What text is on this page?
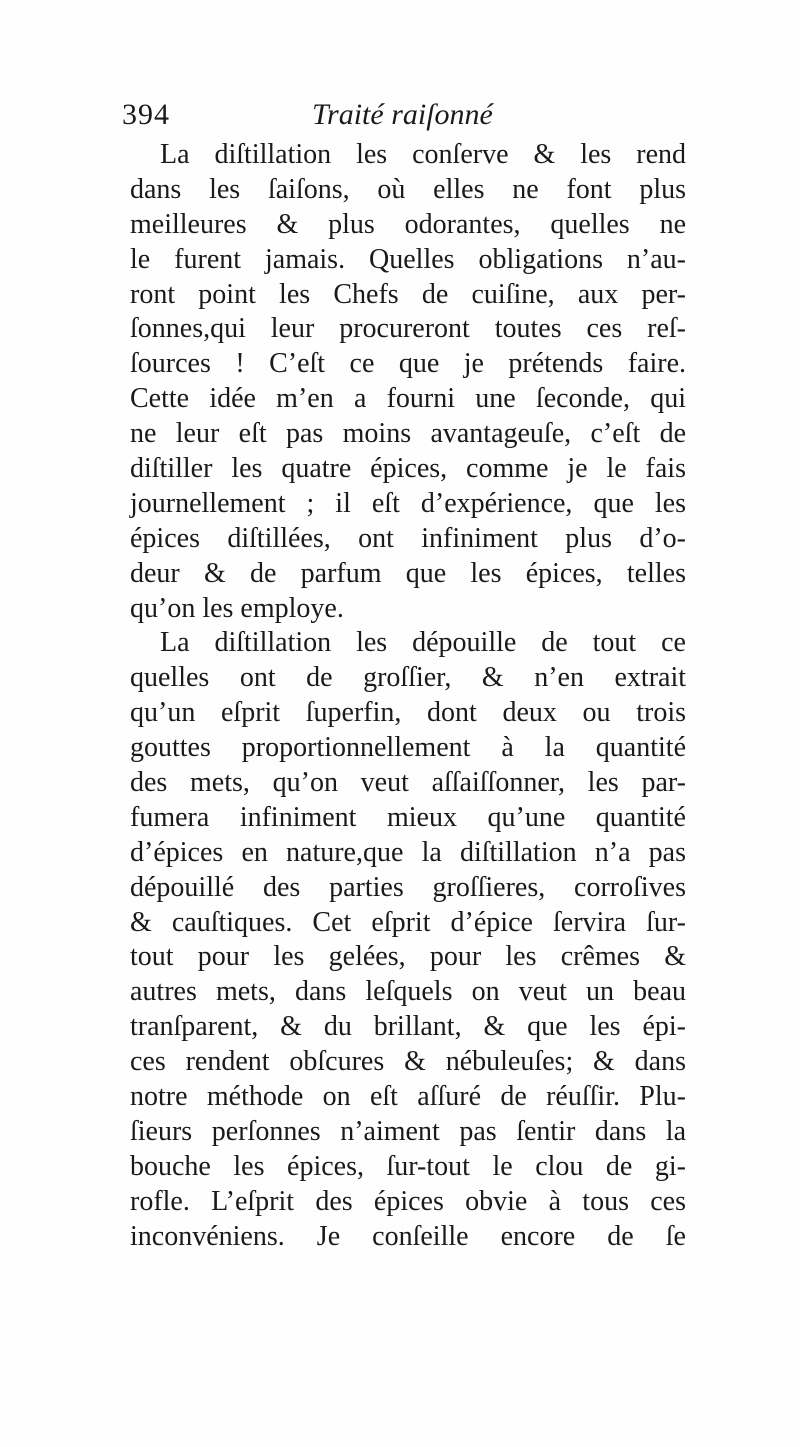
394	Traité raiſonné
La diſtillation les conſerve & les rend
dans les ſaiſons, où elles ne font plus
meilleures & plus odorantes, quelles ne
le furent jamais. Quelles obligations n’au-
ront point les Chefs de cuiſine, aux per-
ſonnes,qui leur procureront toutes ces reſ-
ſources ! C’eſt ce que je prétends faire.
Cette idée m’en a fourni une ſeconde, qui
ne leur eſt pas moins avantageuſe, c’eſt de
diſtiller les quatre épices, comme je le fais
journellement ; il eſt d’expérience, que les
épices diſtillées, ont infiniment plus d’o-
deur & de parfum que les épices, telles
qu’on les employe.
La diſtillation les dépouille de tout ce
quelles ont de groſſier, & n’en extrait
qu’un eſprit ſuperfin, dont deux ou trois
gouttes proportionnellement à la quantité
des mets, qu’on veut aſſaiſſonner, les par-
fumera infiniment mieux qu’une quantité
d’épices en nature,que la diſtillation n’a pas
dépouillé des parties groſſieres, corroſives
& cauſtiques. Cet eſprit d’épice ſervira ſur-
tout pour les gelées, pour les crêmes &
autres mets, dans leſquels on veut un beau
tranſparent, & du brillant, & que les épi-
ces rendent obſcures & nébuleuſes; & dans
notre méthode on eſt aſſuré de réuſſir. Plu-
ſieurs perſonnes n’aiment pas ſentir dans la
bouche les épices, ſur-tout le clou de gi-
rofle. L’eſprit des épices obvie à tous ces
inconvéniens. Je conſeille encore de ſe
